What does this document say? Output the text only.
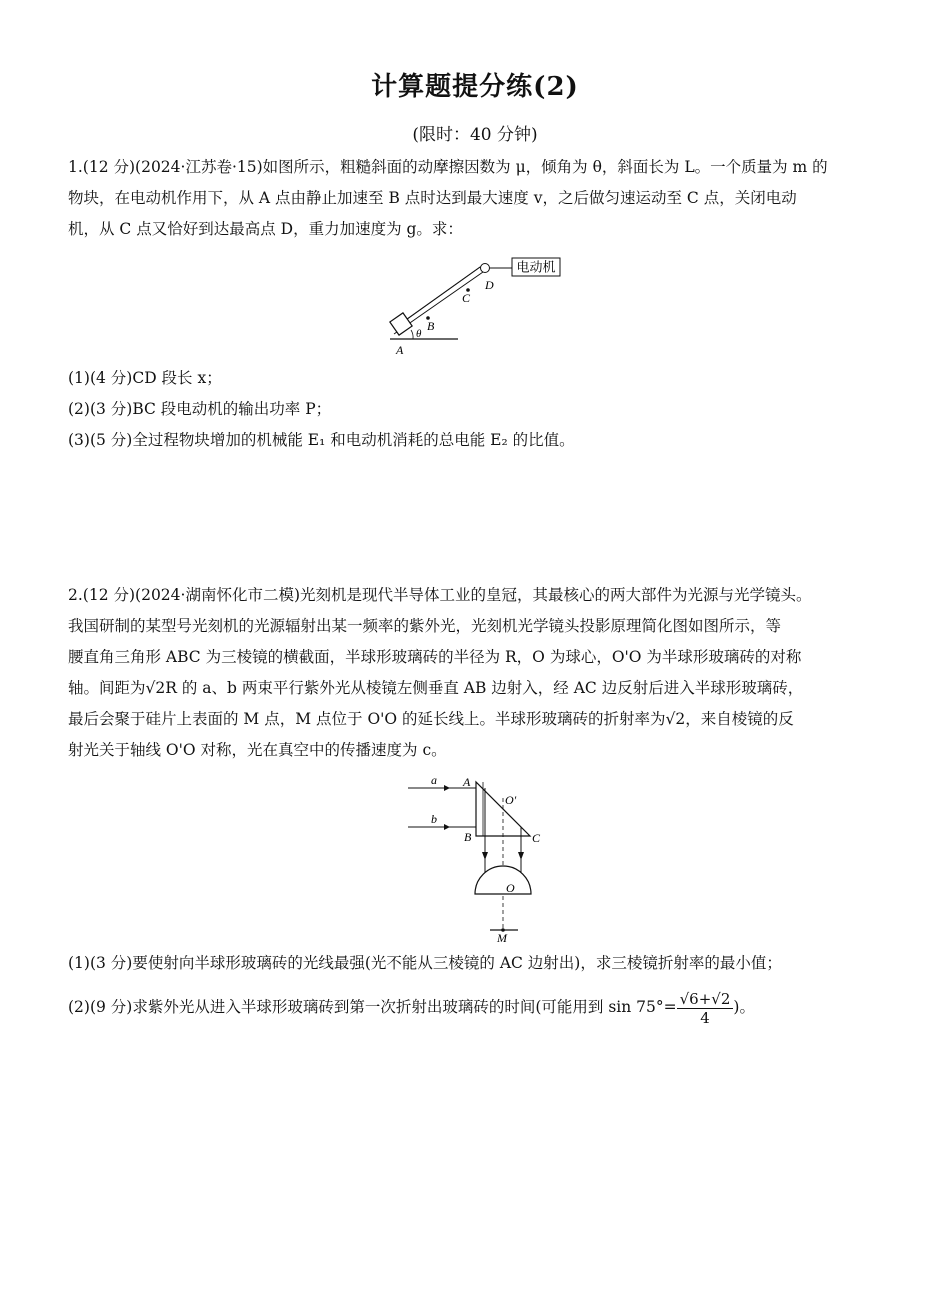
计算题提分练(2)
(限时：40 分钟)
1.(12 分)(2024·江苏卷·15)如图所示，粗糙斜面的动摩擦因数为 μ，倾角为 θ，斜面长为 L。一个质量为 m 的
物块，在电动机作用下，从 A 点由静止加速至 B 点时达到最大速度 v，之后做匀速运动至 C 点，关闭电动
机，从 C 点又恰好到达最高点 D，重力加速度为 g。求：
电动机
A
B
C
D
θ
(1)(4 分)CD 段长 x；
(2)(3 分)BC 段电动机的输出功率 P；
(3)(5 分)全过程物块增加的机械能 E₁ 和电动机消耗的总电能 E₂ 的比值。
2.(12 分)(2024·湖南怀化市二模)光刻机是现代半导体工业的皇冠，其最核心的两大部件为光源与光学镜头。
我国研制的某型号光刻机的光源辐射出某一频率的紫外光，光刻机光学镜头投影原理简化图如图所示，等
腰直角三角形 ABC 为三棱镜的横截面，半球形玻璃砖的半径为 R，O 为球心，O'O 为半球形玻璃砖的对称
轴。间距为√2R 的 a、b 两束平行紫外光从棱镜左侧垂直 AB 边射入，经 AC 边反射后进入半球形玻璃砖，
最后会聚于硅片上表面的 M 点，M 点位于 O'O 的延长线上。半球形玻璃砖的折射率为√2，来自棱镜的反
射光关于轴线 O'O 对称，光在真空中的传播速度为 c。
a
b
A
B	C
O'
O
M
(1)(3 分)要使射向半球形玻璃砖的光线最强(光不能从三棱镜的 AC 边射出)，求三棱镜折射率的最小值；
(2)(9 分)求紫外光从进入半球形玻璃砖到第一次折射出玻璃砖的时间(可能用到 $\sin 75^\circ= \frac{√6+√2}{4}$ )。
